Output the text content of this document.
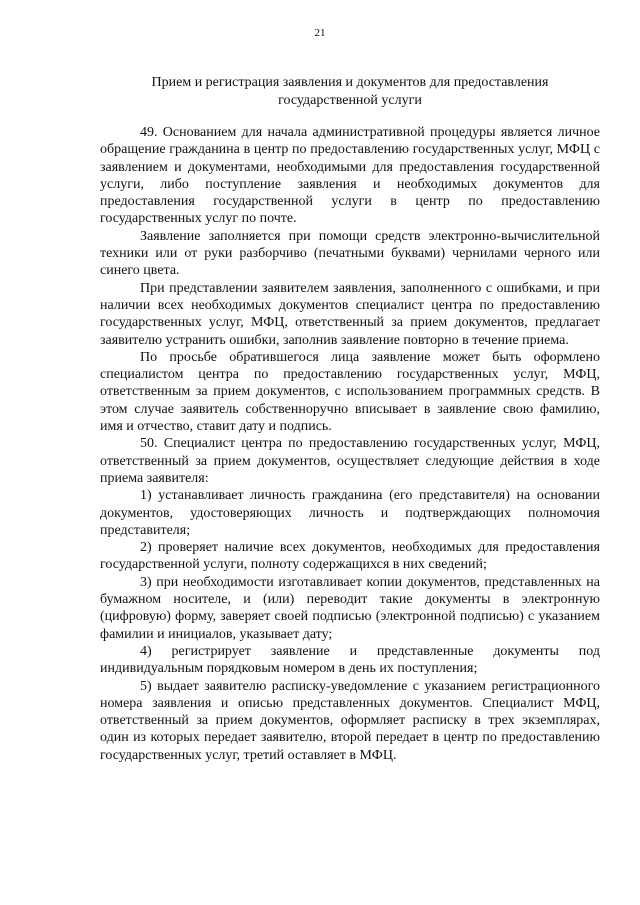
21
Прием и регистрация заявления и документов для предоставления государственной услуги

49. Основанием для начала административной процедуры является личное обращение гражданина в центр по предоставлению государственных услуг, МФЦ с заявлением и документами, необходимыми для предоставления государственной услуги, либо поступление заявления и необходимых документов для предоставления государственной услуги в центр по предоставлению государственных услуг по почте.

Заявление заполняется при помощи средств электронно-вычислительной техники или от руки разборчиво (печатными буквами) чернилами черного или синего цвета.

При представлении заявителем заявления, заполненного с ошибками, и при наличии всех необходимых документов специалист центра по предоставлению государственных услуг, МФЦ, ответственный за прием документов, предлагает заявителю устранить ошибки, заполнив заявление повторно в течение приема.

По просьбе обратившегося лица заявление может быть оформлено специалистом центра по предоставлению государственных услуг, МФЦ, ответственным за прием документов, с использованием программных средств. В этом случае заявитель собственноручно вписывает в заявление свою фамилию, имя и отчество, ставит дату и подпись.

50. Специалист центра по предоставлению государственных услуг, МФЦ, ответственный за прием документов, осуществляет следующие действия в ходе приема заявителя:

1) устанавливает личность гражданина (его представителя) на основании документов, удостоверяющих личность и подтверждающих полномочия представителя;

2) проверяет наличие всех документов, необходимых для предоставления государственной услуги, полноту содержащихся в них сведений;

3) при необходимости изготавливает копии документов, представленных на бумажном носителе, и (или) переводит такие документы в электронную (цифровую) форму, заверяет своей подписью (электронной подписью) с указанием фамилии и инициалов, указывает дату;

4) регистрирует заявление и представленные документы под индивидуальным порядковым номером в день их поступления;

5) выдает заявителю расписку-уведомление с указанием регистрационного номера заявления и описью представленных документов. Специалист МФЦ, ответственный за прием документов, оформляет расписку в трех экземплярах, один из которых передает заявителю, второй передает в центр по предоставлению государственных услуг, третий оставляет в МФЦ.
